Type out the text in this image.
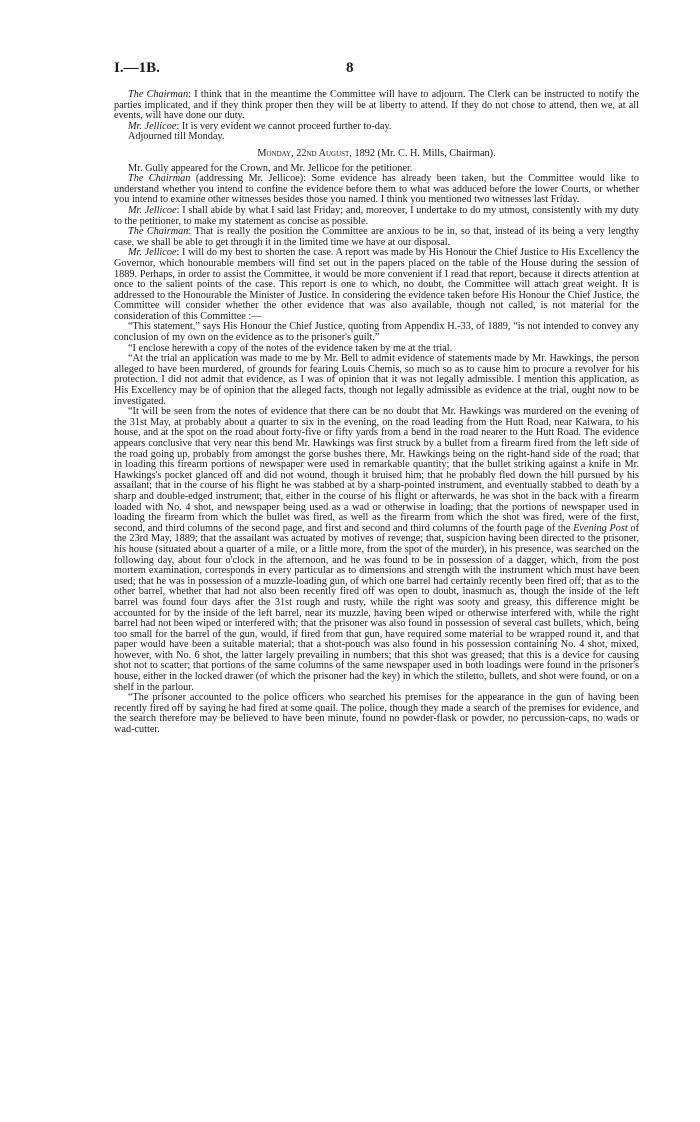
I.—1B.	8

The Chairman: I think that in the meantime the Committee will have to adjourn. The Clerk can be instructed to notify the parties implicated, and if they think proper then they will be at liberty to attend. If they do not chose to attend, then we, at all events, will have done our duty.

Mr. Jellicoe: It is very evident we cannot proceed further to-day.

Adjourned till Monday.

Monday, 22nd August, 1892 (Mr. C. H. Mills, Chairman).

Mr. Gully appeared for the Crown, and Mr. Jellicoe for the petitioner.

The Chairman (addressing Mr. Jellicoe): Some evidence has already been taken, but the Committee would like to understand whether you intend to confine the evidence before them to what was adduced before the lower Courts, or whether you intend to examine other witnesses besides those you named. I think you mentioned two witnesses last Friday.

Mr. Jellicoe: I shall abide by what I said last Friday; and, moreover, I undertake to do my utmost, consistently with my duty to the petitioner, to make my statement as concise as possible.

The Chairman: That is really the position the Committee are anxious to be in, so that, instead of its being a very lengthy case, we shall be able to get through it in the limited time we have at our disposal.

Mr. Jellicoe: I will do my best to shorten the case. A report was made by His Honour the Chief Justice to His Excellency the Governor, which honourable members will find set out in the papers placed on the table of the House during the session of 1889. Perhaps, in order to assist the Committee, it would be more convenient if I read that report, because it directs attention at once to the salient points of the case. This report is one to which, no doubt, the Committee will attach great weight. It is addressed to the Honourable the Minister of Justice. In considering the evidence taken before His Honour the Chief Justice, the Committee will consider whether the other evidence that was also available, though not called, is not material for the consideration of this Committee :—

“This statement,” says His Honour the Chief Justice, quoting from Appendix H.-33, of 1889, “is not intended to convey any conclusion of my own on the evidence as to the prisoner's guilt.”

“I enclose herewith a copy of the notes of the evidence taken by me at the trial.

“At the trial an application was made to me by Mr. Bell to admit evidence of statements made by Mr. Hawkings, the person alleged to have been murdered, of grounds for fearing Louis Chemis, so much so as to cause him to procure a revolver for his protection. I did not admit that evidence, as I was of opinion that it was not legally admissible. I mention this application, as His Excellency may be of opinion that the alleged facts, though not legally admissible as evidence at the trial, ought now to be investigated.

“It will be seen from the notes of evidence that there can be no doubt that Mr. Hawkings was murdered on the evening of the 31st May, at probably about a quarter to six in the evening, on the road leading from the Hutt Road, near Kaiwara, to his house, and at the spot on the road about forty-five or fifty yards from a bend in the road nearer to the Hutt Road. The evidence appears conclusive that very near this bend Mr. Hawkings was first struck by a bullet from a firearm fired from the left side of the road going up, probably from amongst the gorse bushes there, Mr. Hawkings being on the right-hand side of the road; that in loading this firearm portions of newspaper were used in remarkable quantity; that the bullet striking against a knife in Mr. Hawkings's pocket glanced off and did not wound, though it bruised him; that he probably fled down the hill pursued by his assailant; that in the course of his flight he was stabbed at by a sharp-pointed instrument, and eventually stabbed to death by a sharp and double-edged instrument; that, either in the course of his flight or afterwards, he was shot in the back with a firearm loaded with No. 4 shot, and newspaper being used as a wad or otherwise in loading; that the portions of newspaper used in loading the firearm from which the bullet was fired, as well as the firearm from which the shot was fired, were of the first, second, and third columns of the second page, and first and second and third columns of the fourth page of the Evening Post of the 23rd May, 1889; that the assailant was actuated by motives of revenge; that, suspicion having been directed to the prisoner, his house (situated about a quarter of a mile, or a little more, from the spot of the murder), in his presence, was searched on the following day, about four o'clock in the afternoon, and he was found to be in possession of a dagger, which, from the post mortem examination, corresponds in every particular as to dimensions and strength with the instrument which must have been used; that he was in possession of a muzzle-loading gun, of which one barrel had certainly recently been fired off; that as to the other barrel, whether that had not also been recently fired off was open to doubt, inasmuch as, though the inside of the left barrel was found four days after the 31st rough and rusty, while the right was sooty and greasy, this difference might be accounted for by the inside of the left barrel, near its muzzle, having been wiped or otherwise interfered with, while the right barrel had not been wiped or interfered with; that the prisoner was also found in possession of several cast bullets, which, being too small for the barrel of the gun, would, if fired from that gun, have required some material to be wrapped round it, and that paper would have been a suitable material; that a shot-pouch was also found in his possession containing No. 4 shot, mixed, however, with No. 6 shot, the latter largely prevailing in numbers; that this shot was greased; that this is a device for causing shot not to scatter; that portions of the same columns of the same newspaper used in both loadings were found in the prisoner's house, either in the locked drawer (of which the prisoner had the key) in which the stiletto, bullets, and shot were found, or on a shelf in the parlour.

“The prisoner accounted to the police officers who searched his premises for the appearance in the gun of having been recently fired off by saying he had fired at some quail. The police, though they made a search of the premises for evidence, and the search therefore may be believed to have been minute, found no powder-flask or powder, no percussion-caps, no wads or wad-cutter.
